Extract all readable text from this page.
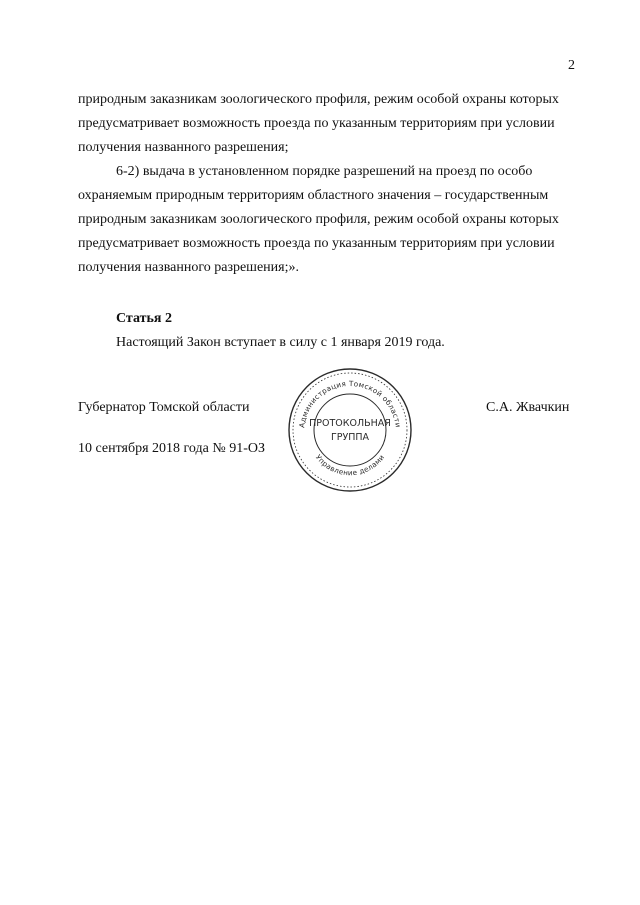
2

природным заказникам зоологического профиля, режим особой охраны которых

предусматривает возможность проезда по указанным территориям при условии

получения названного разрешения;

6-2) выдача в установленном порядке разрешений на проезд по особо

охраняемым природным территориям областного значения – государственным

природным заказникам зоологического профиля, режим особой охраны которых

предусматривает возможность проезда по указанным территориям при условии

получения названного разрешения;».

Статья 2
Настоящий Закон вступает в силу с 1 января 2019 года.
Губернатор Томской области	С.А. Жвачкин
10 сентября 2018 года № 91-ОЗ
Администрация Томской области
Управление делами
ПРОТОКОЛЬНАЯ
ГРУППА
